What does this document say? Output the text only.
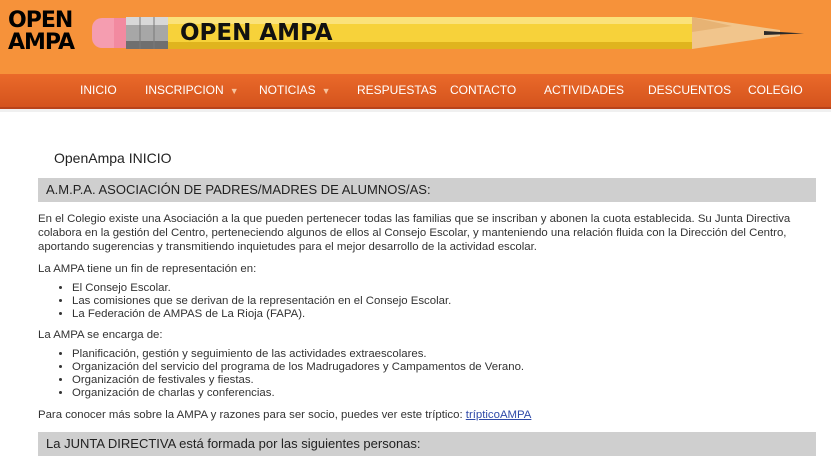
OPEN
AMPA	OPEN AMPA
INICIO INSCRIPCION ▼ NOTICIAS ▼ RESPUESTAS CONTACTO ACTIVIDADES DESCUENTOS COLEGIO
OpenAmpa INICIO
A.M.P.A. ASOCIACIÓN DE PADRES/MADRES DE ALUMNOS/AS:
En el Colegio existe una Asociación a la que pueden pertenecer todas las familias que se inscriban y abonen la cuota establecida. Su Junta Directiva colabora en la gestión del Centro, perteneciendo algunos de ellos al Consejo Escolar, y manteniendo una relación fluida con la Dirección del Centro, aportando sugerencias y transmitiendo inquietudes para el mejor desarrollo de la actividad escolar.
La AMPA tiene un fin de representación en:
• El Consejo Escolar.
• Las comisiones que se derivan de la representación en el Consejo Escolar.
• La Federación de AMPAS de La Rioja (FAPA).
La AMPA se encarga de:
• Planificación, gestión y seguimiento de las actividades extraescolares.
• Organización del servicio del programa de los Madrugadores y Campamentos de Verano.
• Organización de festivales y fiestas.
• Organización de charlas y conferencias.
Para conocer más sobre la AMPA y razones para ser socio, puedes ver este tríptico: trípticoAMPA
La JUNTA DIRECTIVA está formada por las siguientes personas:
